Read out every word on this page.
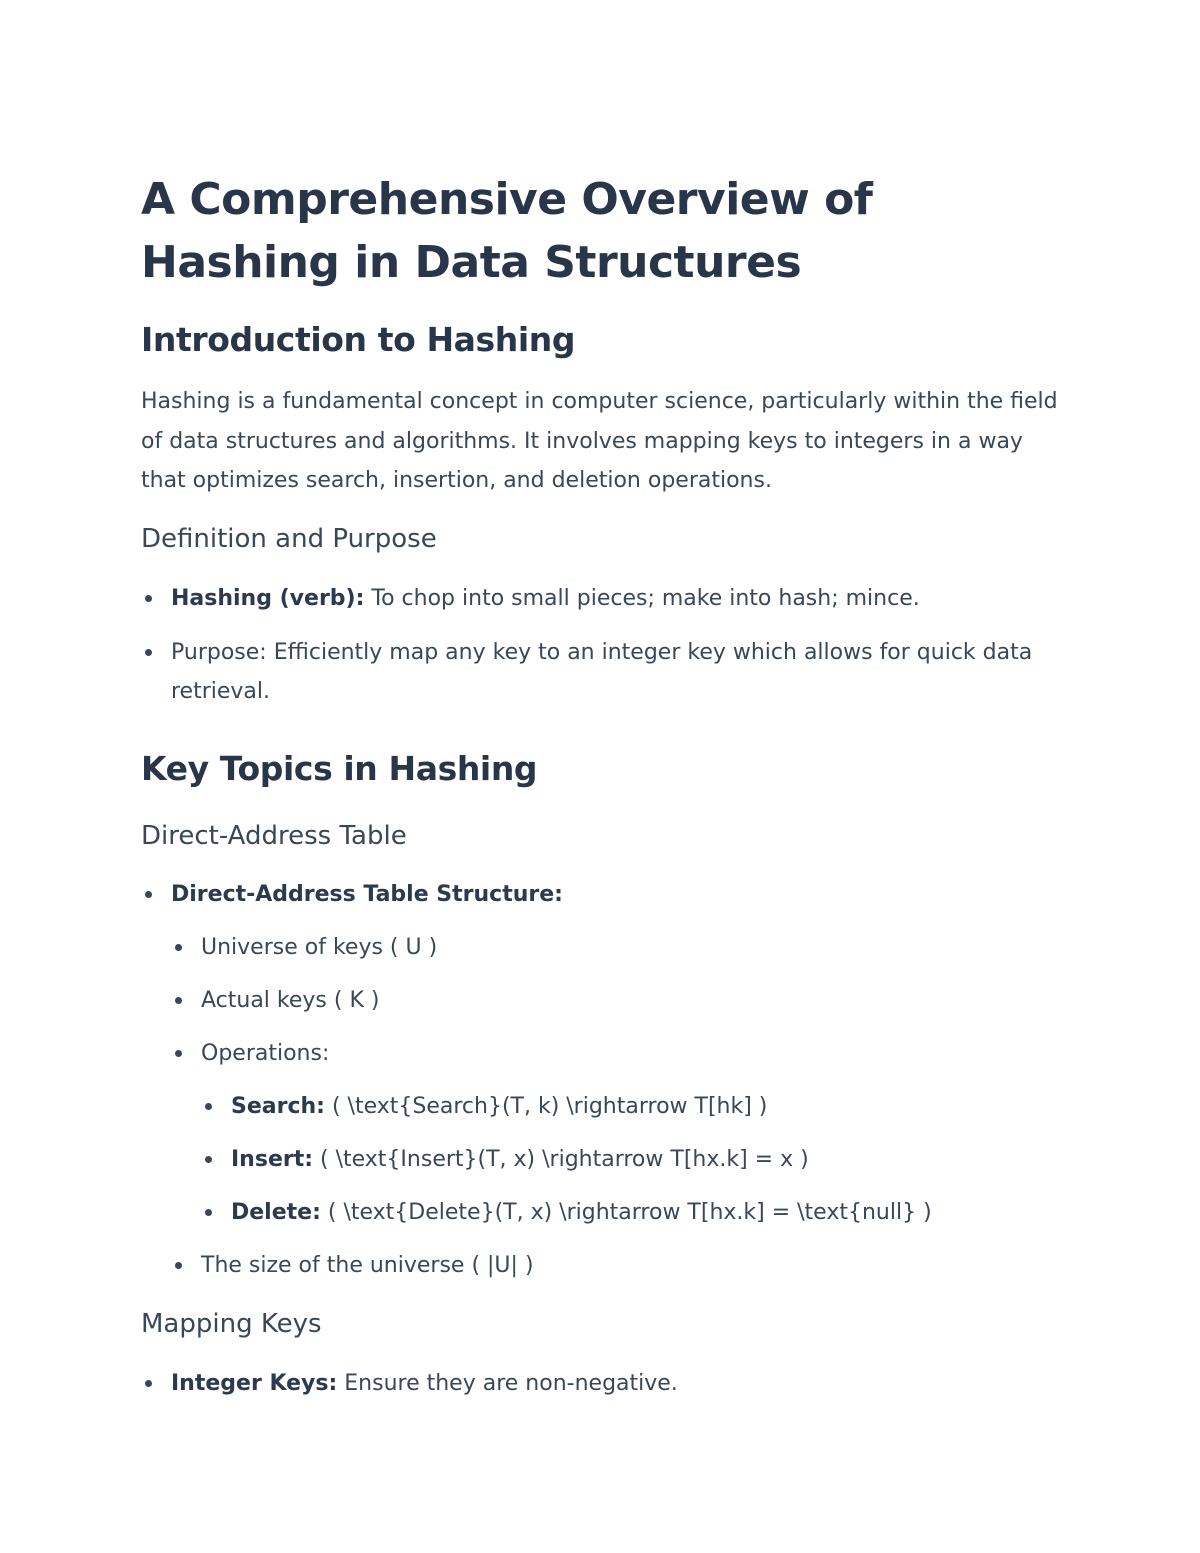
A Comprehensive Overview of Hashing in Data Structures
Introduction to Hashing

Hashing is a fundamental concept in computer science, particularly within the field of data structures and algorithms. It involves mapping keys to integers in a way that optimizes search, insertion, and deletion operations.

Definition and Purpose
Hashing (verb): To chop into small pieces; make into hash; mince.
Purpose: Efficiently map any key to an integer key which allows for quick data retrieval.
Key Topics in Hashing
Direct-Address Table
Direct-Address Table Structure:
Universe of keys ( U )
Actual keys ( K )
Operations:
Search: ( \text{Search}(T, k) \rightarrow T[hk] )
Insert: ( \text{Insert}(T, x) \rightarrow T[hx.k] = x )
Delete: ( \text{Delete}(T, x) \rightarrow T[hx.k] = \text{null} )
The size of the universe ( |U| )
Mapping Keys
Integer Keys: Ensure they are non-negative.
